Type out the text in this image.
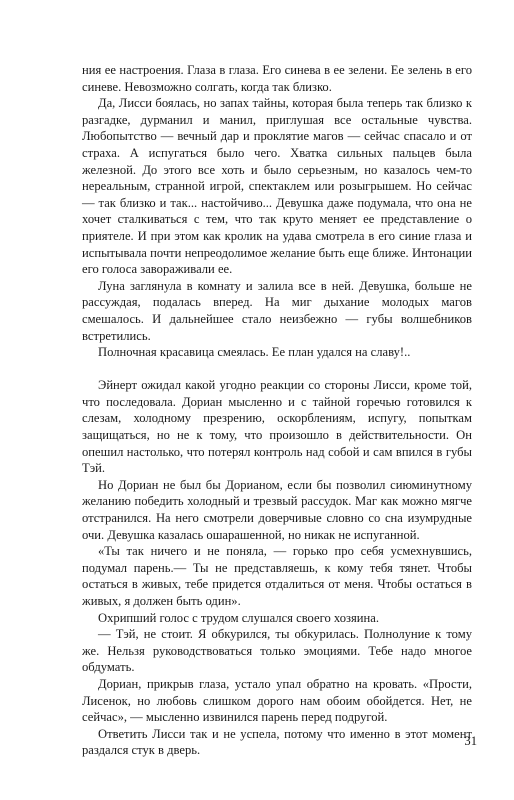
ния ее настроения. Глаза в глаза. Его синева в ее зелени. Ее зелень в его синеве. Невозможно солгать, когда так близко.

Да, Лисси боялась, но запах тайны, которая была теперь так близко к разгадке, дурманил и манил, приглушая все остальные чувства. Любопытство — вечный дар и проклятие магов — сейчас спасало и от страха. А испугаться было чего. Хватка сильных пальцев была железной. До этого все хоть и было серьезным, но казалось чем-то нереальным, странной игрой, спектаклем или розыгрышем. Но сейчас — так близко и так... настойчиво... Девушка даже подумала, что она не хочет сталкиваться с тем, что так круто меняет ее представление о приятеле. И при этом как кролик на удава смотрела в его синие глаза и испытывала почти непреодолимое желание быть еще ближе. Интонации его голоса завораживали ее.

Луна заглянула в комнату и залила все в ней. Девушка, больше не рассуждая, подалась вперед. На миг дыхание молодых магов смешалось. И дальнейшее стало неизбежно — губы волшебников встретились.

Полночная красавица смеялась. Ее план удался на славу!..

Эйнерт ожидал какой угодно реакции со стороны Лисси, кроме той, что последовала. Дориан мысленно и с тайной горечью готовился к слезам, холодному презрению, оскорблениям, испугу, попыткам защищаться, но не к тому, что произошло в действительности. Он опешил настолько, что потерял контроль над собой и сам впился в губы Тэй.

Но Дориан не был бы Дорианом, если бы позволил сиюминутному желанию победить холодный и трезвый рассудок. Маг как можно мягче отстранился. На него смотрели доверчивые словно со сна изумрудные очи. Девушка казалась ошарашенной, но никак не испуганной.

«Ты так ничего и не поняла, — горько про себя усмехнувшись, подумал парень.— Ты не представляешь, к кому тебя тянет. Чтобы остаться в живых, тебе придется отдалиться от меня. Чтобы остаться в живых, я должен быть один».

Охрипший голос с трудом слушался своего хозяина.

— Тэй, не стоит. Я обкурился, ты обкурилась. Полнолуние к тому же. Нельзя руководствоваться только эмоциями. Тебе надо многое обдумать.

Дориан, прикрыв глаза, устало упал обратно на кровать. «Прости, Лисенок, но любовь слишком дорого нам обоим обойдется. Нет, не сейчас», — мысленно извинился парень перед подругой.

Ответить Лисси так и не успела, потому что именно в этот момент раздался стук в дверь.

31
